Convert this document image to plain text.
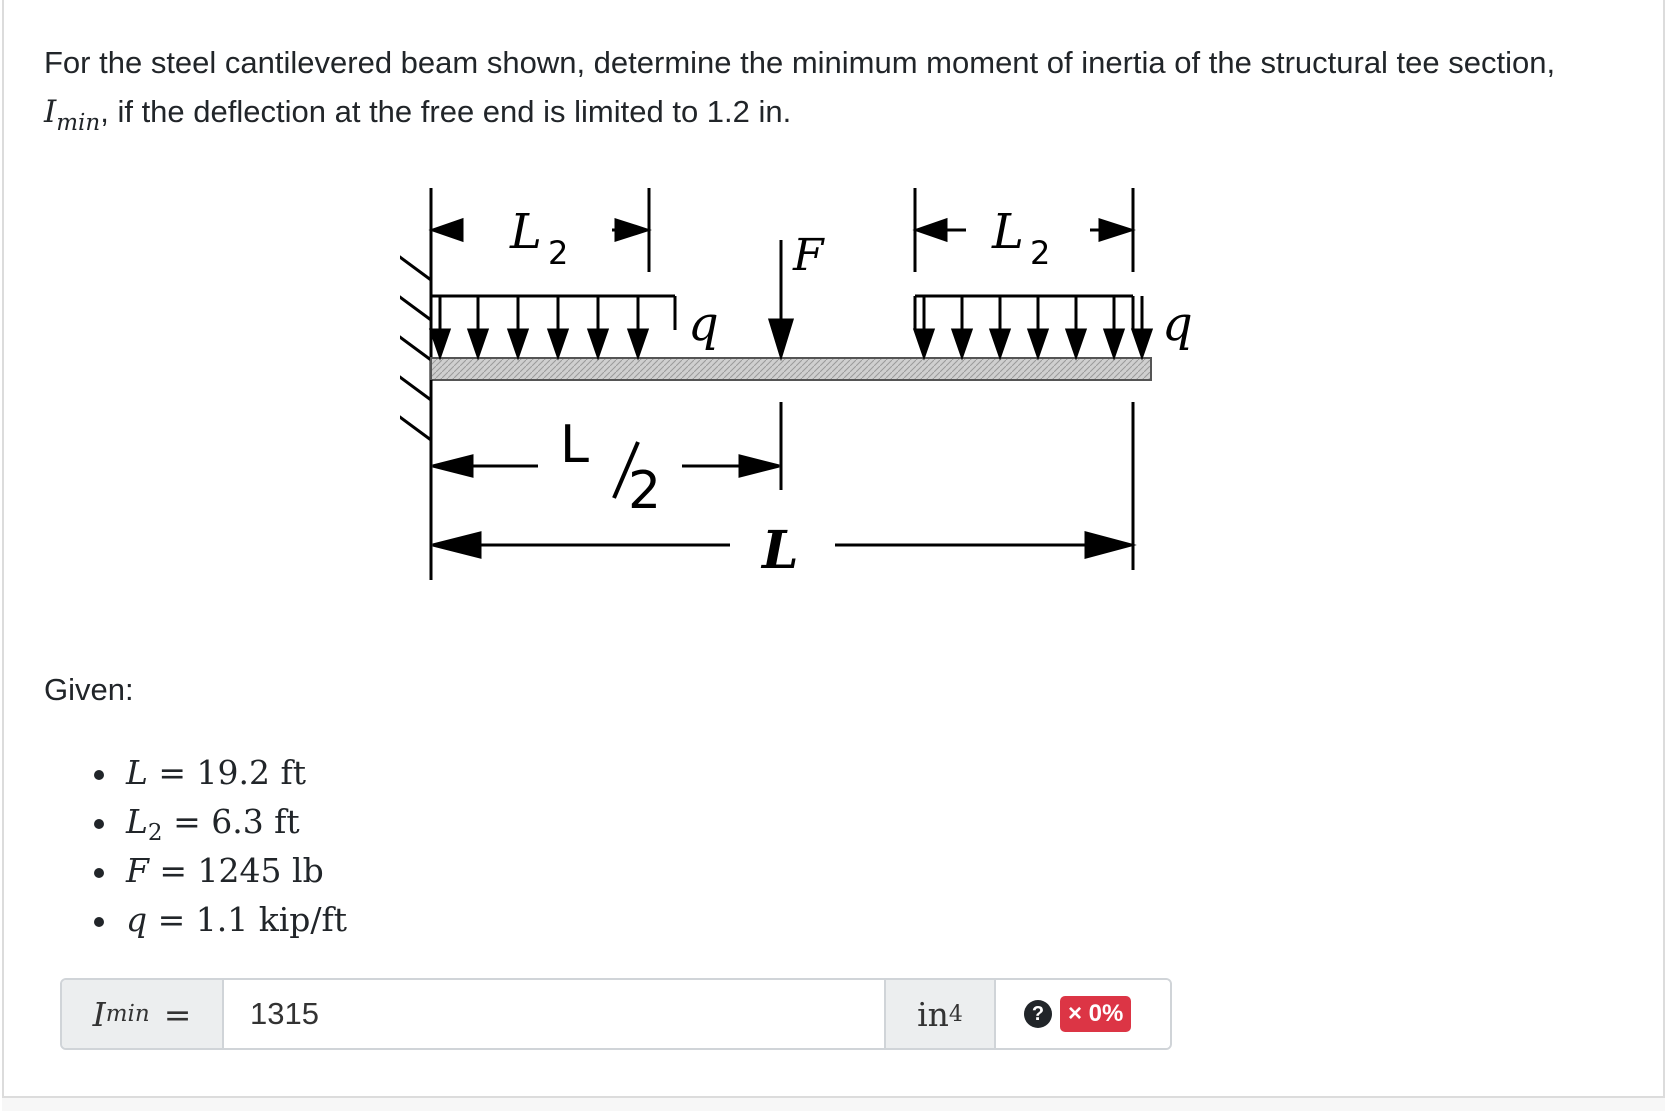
For the steel cantilevered beam shown, determine the minimum moment of inertia of the structural tee section, $I_{min}$, if the deflection at the free end is limited to 1.2 in.
q
L 2	F	L 2
q
L
2
L
Given:
L = 19.2 ft
$L_2 = 6.3$ ft
F = 1245 lb
q = 1.1 kip/ft
I min =
1315	in 4	? × 0%
